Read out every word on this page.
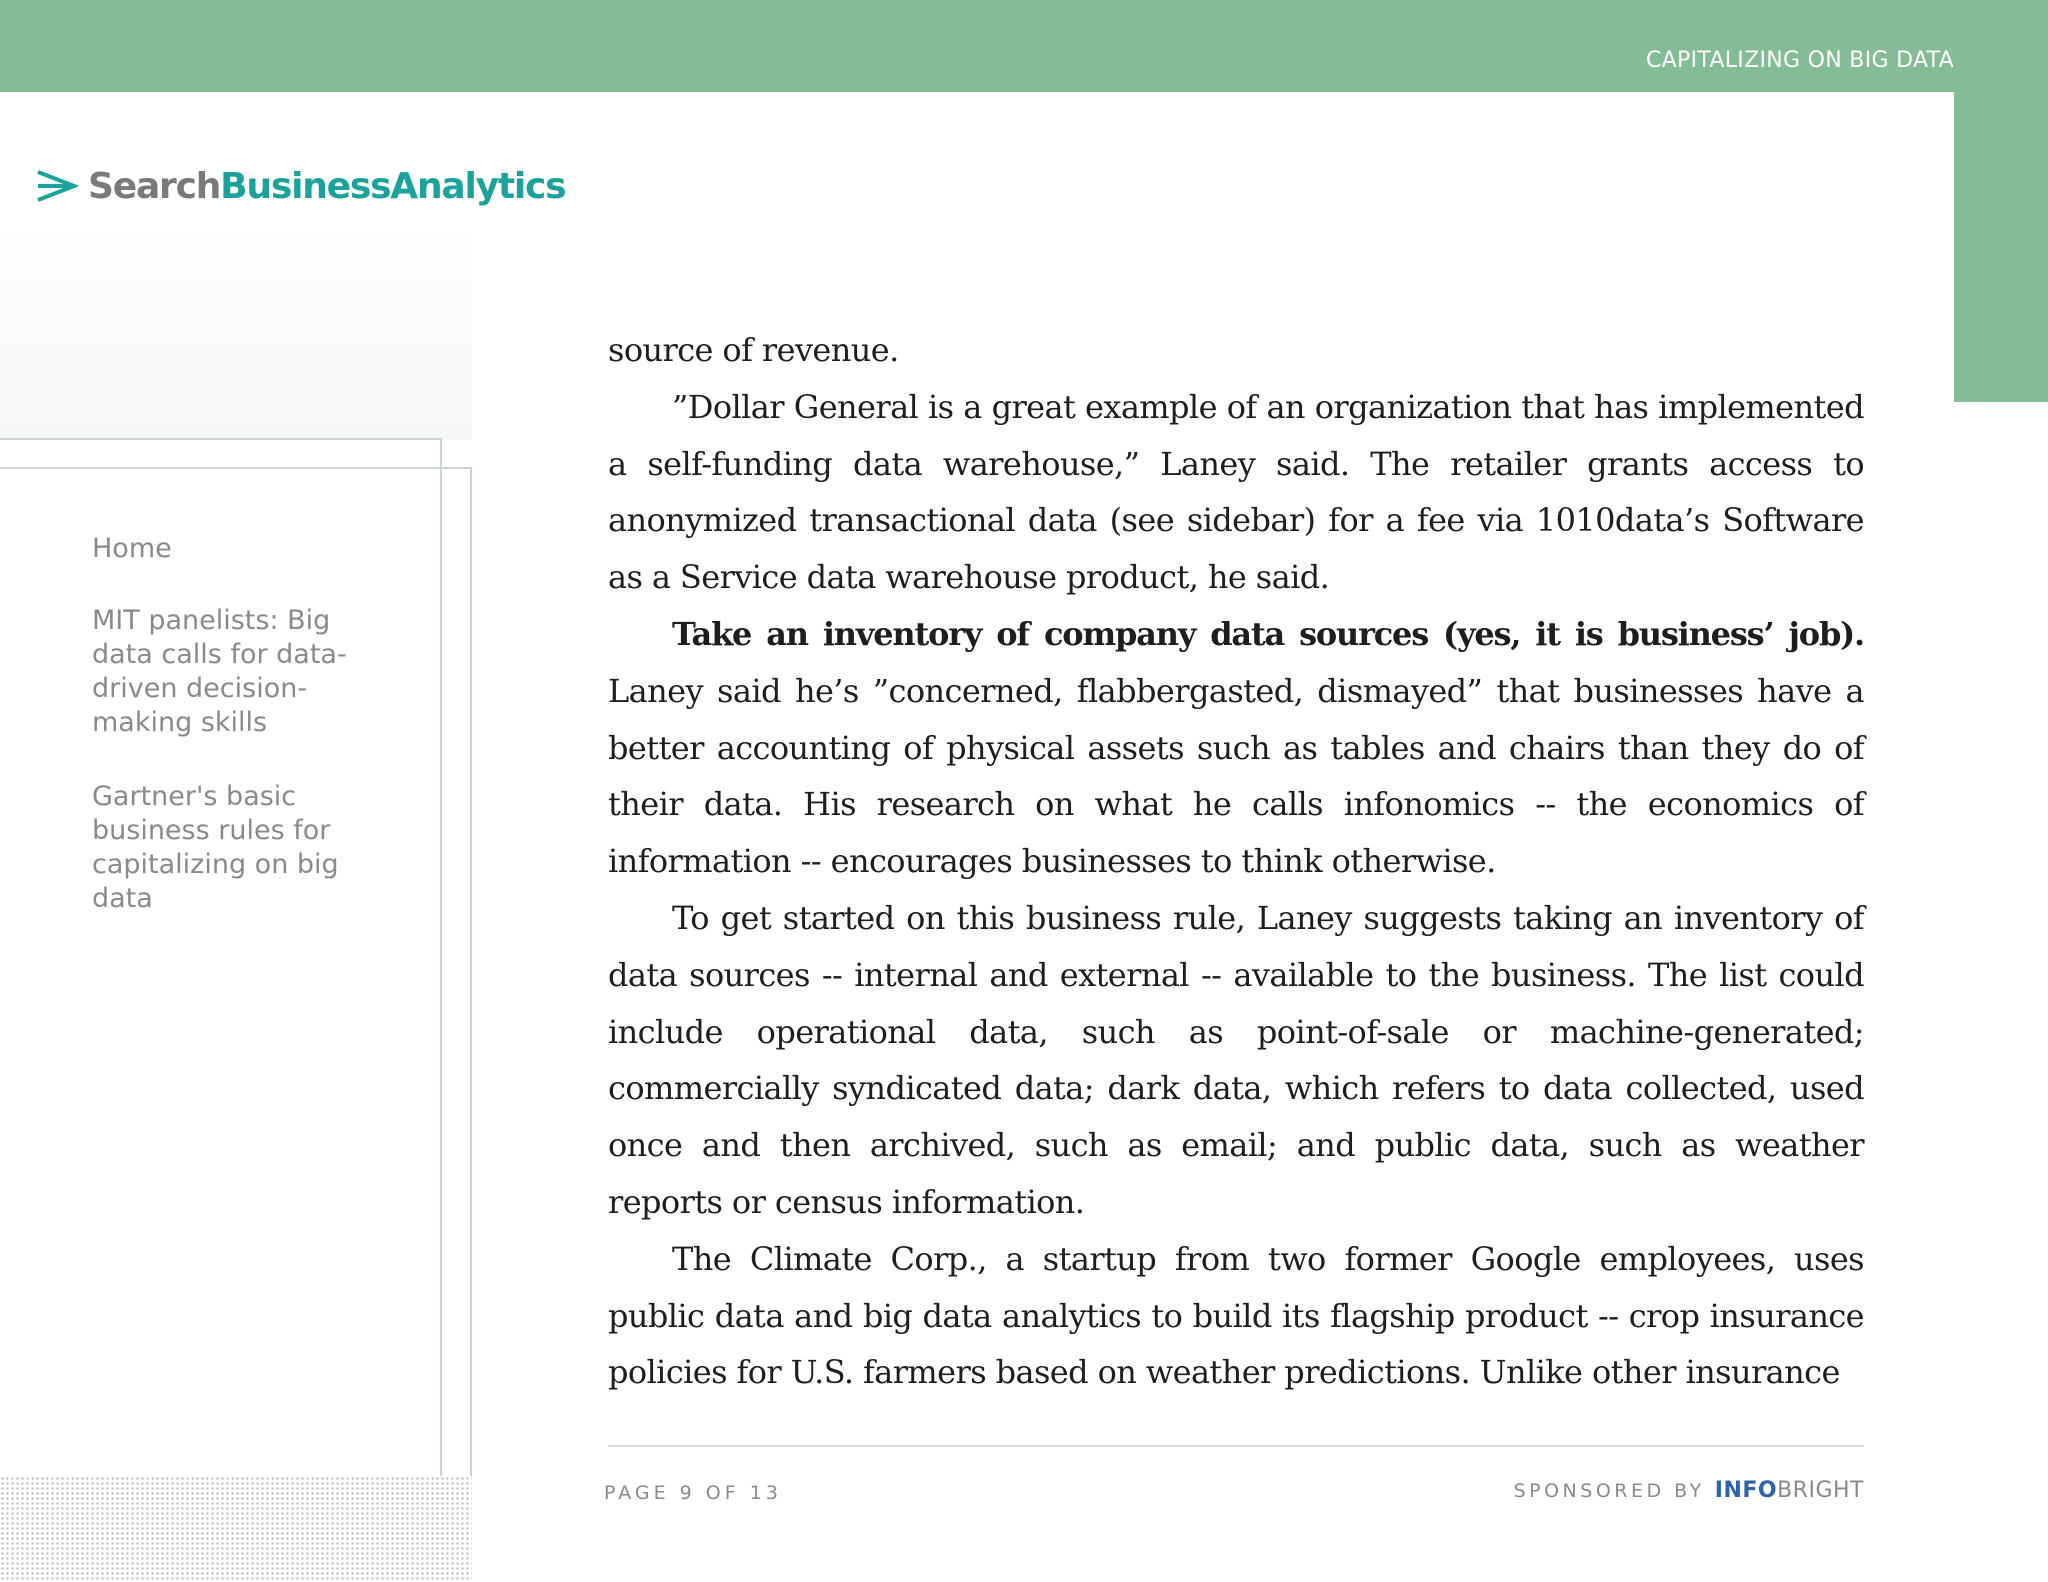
CAPITALIZING ON BIG DATA
Search BusinessAnalytics
Home
MIT panelists: Big data calls for data-driven decision-making skills
Gartner's basic business rules for capitalizing on big data

source of revenue.

”Dollar General is a great example of an organization that has implemented a self-funding data warehouse,” Laney said. The retailer grants access to anonymized transactional data (see sidebar) for a fee via 1010data’s Software as a Service data warehouse product, he said.

Take an inventory of company data sources (yes, it is business’ job). Laney said he’s ”concerned, flabbergasted, dismayed” that businesses have a better accounting of physical assets such as tables and chairs than they do of their data. His research on what he calls infonomics -- the economics of information -- encourages businesses to think otherwise.

To get started on this business rule, Laney suggests taking an inventory of data sources -- internal and external -- available to the business. The list could include operational data, such as point-of-sale or machine-generated; commercially syndicated data; dark data, which refers to data collected, used once and then archived, such as email; and public data, such as weather reports or census information.

The Climate Corp., a startup from two former Google employees, uses public data and big data analytics to build its flagship product -- crop insurance policies for U.S. farmers based on weather predictions. Unlike other insurance

PAGE 9 OF 13	SPONSORED BY INFO BRIGHT
